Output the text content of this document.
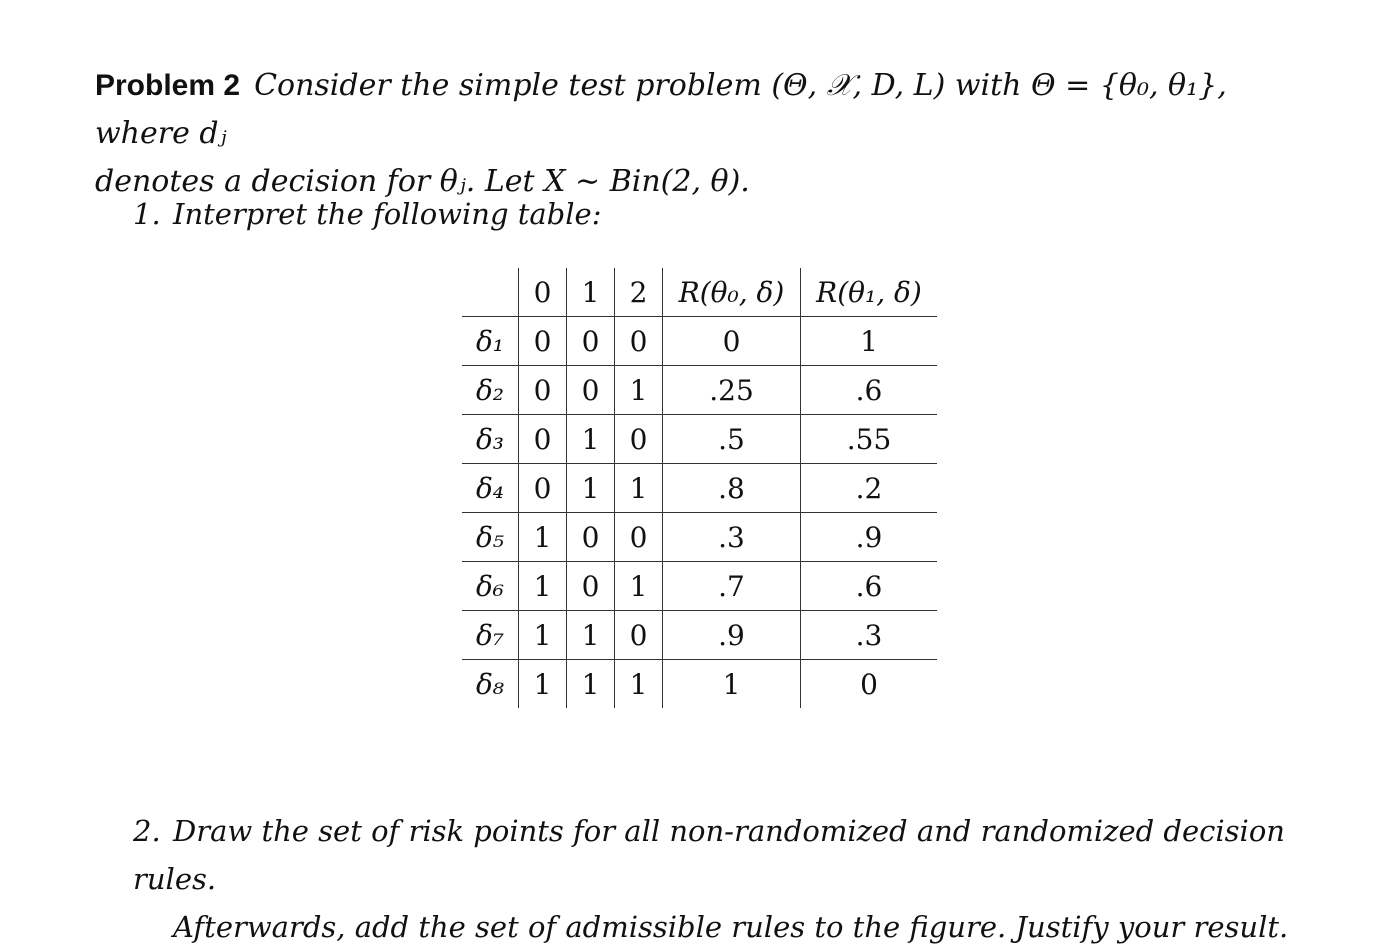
Problem 2 Consider the simple test problem (Θ, 𝒳, D, L) with Θ = {θ₀, θ₁}, where dⱼ
denotes a decision for θⱼ. Let X ∼ Bin(2, θ).
1. Interpret the following table:
	0	1	2	R(θ₀, δ)	R(θ₁, δ)
δ₁	0	0	0	0	1
δ₂	0	0	1	.25	.6
δ₃	0	1	0	.5	.55
δ₄	0	1	1	.8	.2
δ₅	1	0	0	.3	.9
δ₆	1	0	1	.7	.6
δ₇	1	1	0	.9	.3
δ₈	1	1	1	1	0
2. Draw the set of risk points for all non-randomized and randomized decision rules.
Afterwards, add the set of admissible rules to the figure. Justify your result.
